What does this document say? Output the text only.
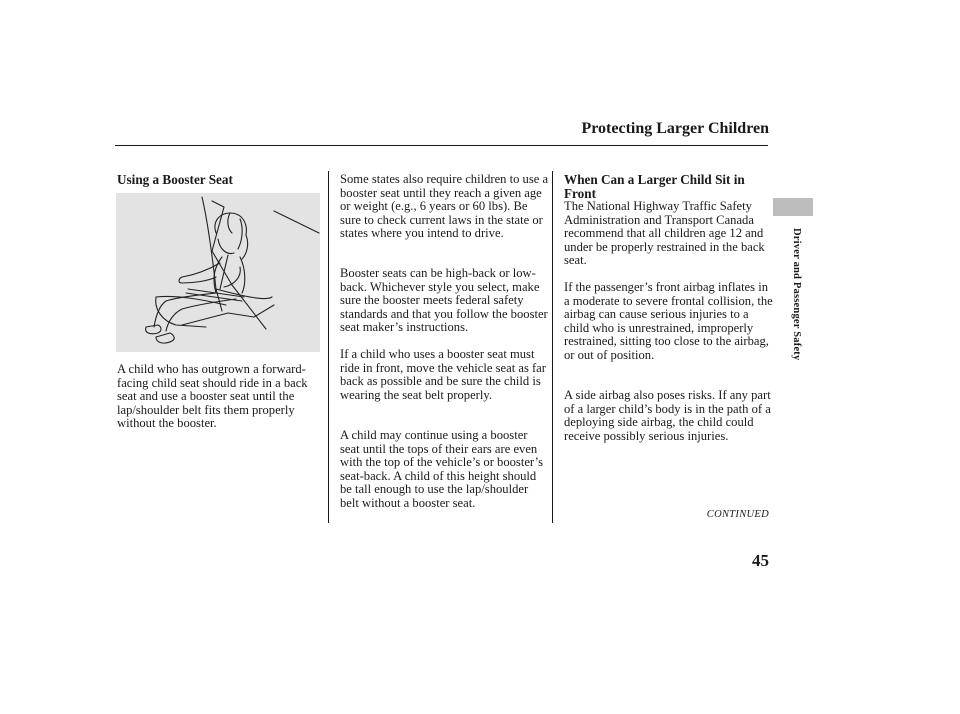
Protecting Larger Children
Using a Booster Seat
A child who has outgrown a forward-facing child seat should ride in a back seat and use a booster seat until the lap/shoulder belt fits them properly without the booster.
Some states also require children to use a booster seat until they reach a given age or weight (e.g., 6 years or 60 lbs). Be sure to check current laws in the state or states where you intend to drive.
Booster seats can be high-back or low-back. Whichever style you select, make sure the booster meets federal safety standards and that you follow the booster seat maker’s instructions.
If a child who uses a booster seat must ride in front, move the vehicle seat as far back as possible and be sure the child is wearing the seat belt properly.
A child may continue using a booster seat until the tops of their ears are even with the top of the vehicle’s or booster’s seat-back. A child of this height should be tall enough to use the lap/shoulder belt without a booster seat.
When Can a Larger Child Sit in Front
The National Highway Traffic Safety Administration and Transport Canada recommend that all children age 12 and under be properly restrained in the back seat.
If the passenger’s front airbag inflates in a moderate to severe frontal collision, the airbag can cause serious injuries to a child who is unrestrained, improperly restrained, sitting too close to the airbag, or out of position.
A side airbag also poses risks. If any part of a larger child’s body is in the path of a deploying side airbag, the child could receive possibly serious injuries.
CONTINUED
45
Driver and Passenger Safety
